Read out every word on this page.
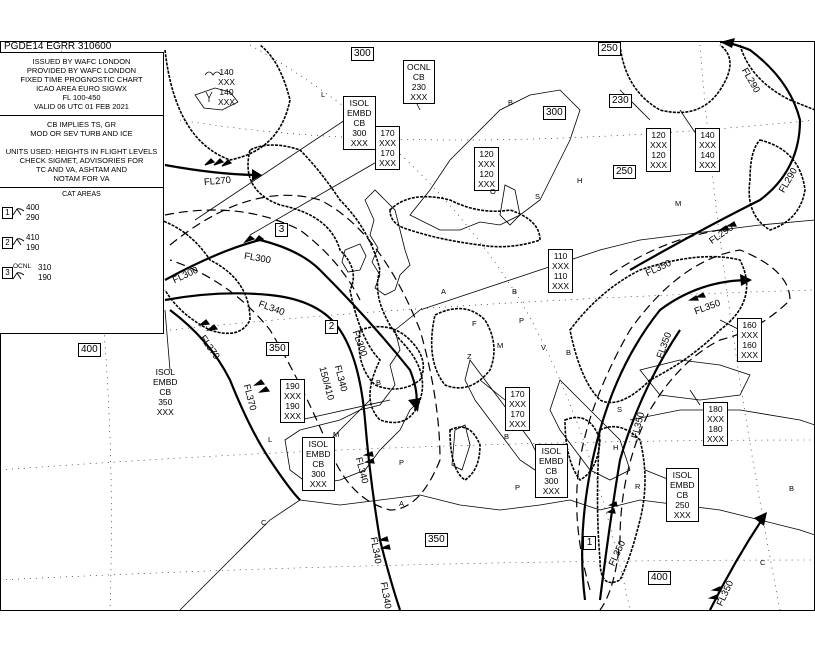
PGDE14 EGRR 310600
ISSUED BY WAFC LONDON
PROVIDED BY WAFC LONDON
FIXED TIME PROGNOSTIC CHART
ICAO AREA EURO SIGWX
FL 100-450
VALID 06 UTC 01 FEB 2021
CB IMPLIES TS, GR
MOD OR SEV TURB AND ICE
UNITS USED: HEIGHTS IN FLIGHT LEVELS
CHECK SIGMET, ADVISORIES FOR
TC AND VA, ASHTAM AND
NOTAM FOR VA
CAT AREAS
1
400
290
2
410
190
3
OCNL 310
190
140
XXX
140
XXX	ISOL
EMBD
CB
300
XXX
OCNL
CB
230
XXX
170
XXX
170
XXX
120
XXX
120
XXX
120
XXX
120
XXX
140
XXX
140
XXX
110
XXX
110
XXX
160
XXX
160
XXX
ISOL
EMBD
CB
350
XXX
190
XXX
190
XXX
ISOL
EMBD
CB
300
XXX
170
XXX
170
XXX
ISOL
EMBD
CB
300
XXX
180
XXX
180
XXX
ISOL
EMBD
CB
250
XXX
FL270
FL300
FL300
FL340
FL370
FL370
FL340
150/410
FL300
FL340
FL340
FL340
FL290
FL290
FL290
FL350
FL350
FL350
FL350
FL350
FL350
300	250
300
230
250
400	350
350
400
3
2
1
L
B
H
M
A	B
P
M	V
B
F
Z
B
S
B
P
L
C
A
M
P	R	B
H
S
C
O
